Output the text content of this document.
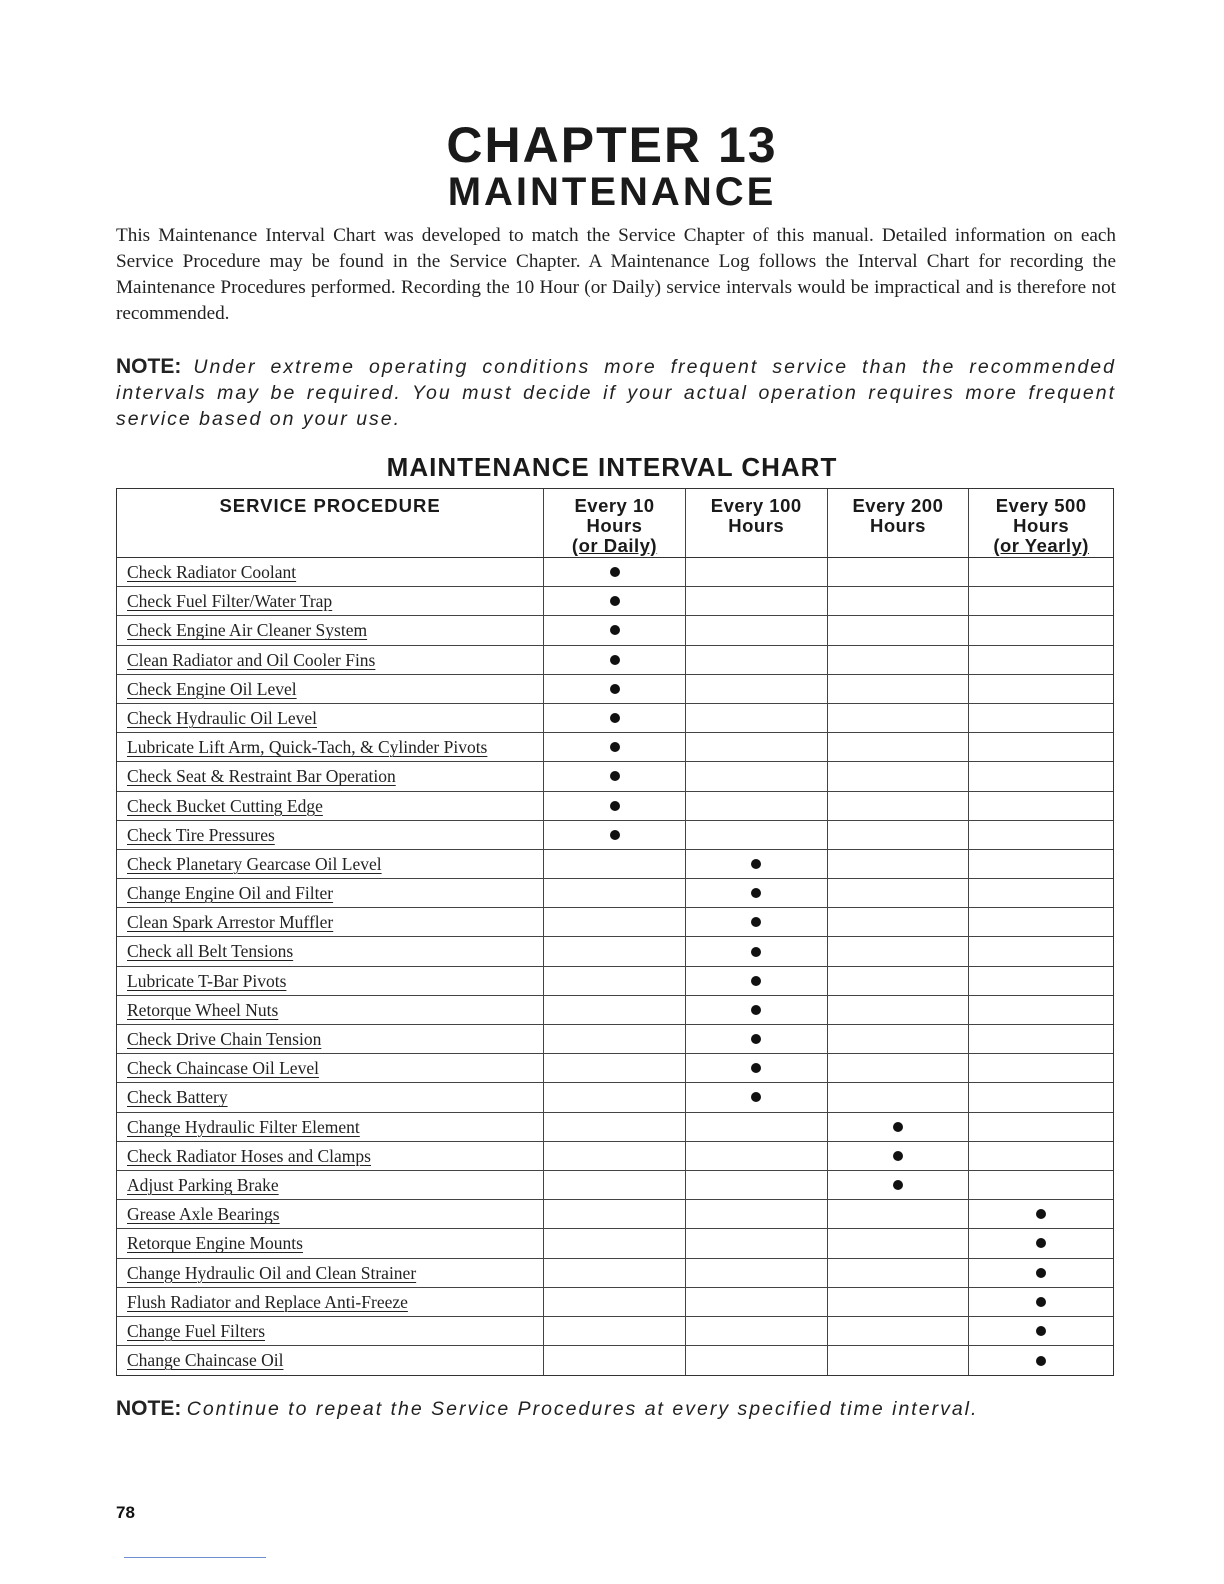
CHAPTER 13
MAINTENANCE
This Maintenance Interval Chart was developed to match the Service Chapter of this manual. Detailed information on each Service Procedure may be found in the Service Chapter. A Maintenance Log follows the Interval Chart for recording the Maintenance Procedures performed. Recording the 10 Hour (or Daily) service intervals would be impractical and is therefore not recommended.
NOTE: Under extreme operating conditions more frequent service than the recommended intervals may be required. You must decide if your actual operation requires more frequent service based on your use.
MAINTENANCE INTERVAL CHART
SERVICE PROCEDURE	Every 10
Hours
(or Daily)
Every 100
Hours
Every 200
Hours
Every 500
Hours
(or Yearly)
Check Radiator Coolant
Check Fuel Filter/Water Trap
Check Engine Air Cleaner System
Clean Radiator and Oil Cooler Fins
Check Engine Oil Level
Check Hydraulic Oil Level
Lubricate Lift Arm, Quick-Tach, & Cylinder Pivots
Check Seat & Restraint Bar Operation
Check Bucket Cutting Edge
Check Tire Pressures
Check Planetary Gearcase Oil Level
Change Engine Oil and Filter
Clean Spark Arrestor Muffler
Check all Belt Tensions
Lubricate T-Bar Pivots
Retorque Wheel Nuts
Check Drive Chain Tension
Check Chaincase Oil Level
Check Battery
Change Hydraulic Filter Element
Check Radiator Hoses and Clamps
Adjust Parking Brake
Grease Axle Bearings
Retorque Engine Mounts
Change Hydraulic Oil and Clean Strainer
Flush Radiator and Replace Anti-Freeze
Change Fuel Filters
Change Chaincase Oil
NOTE: Continue to repeat the Service Procedures at every specified time interval.
78
